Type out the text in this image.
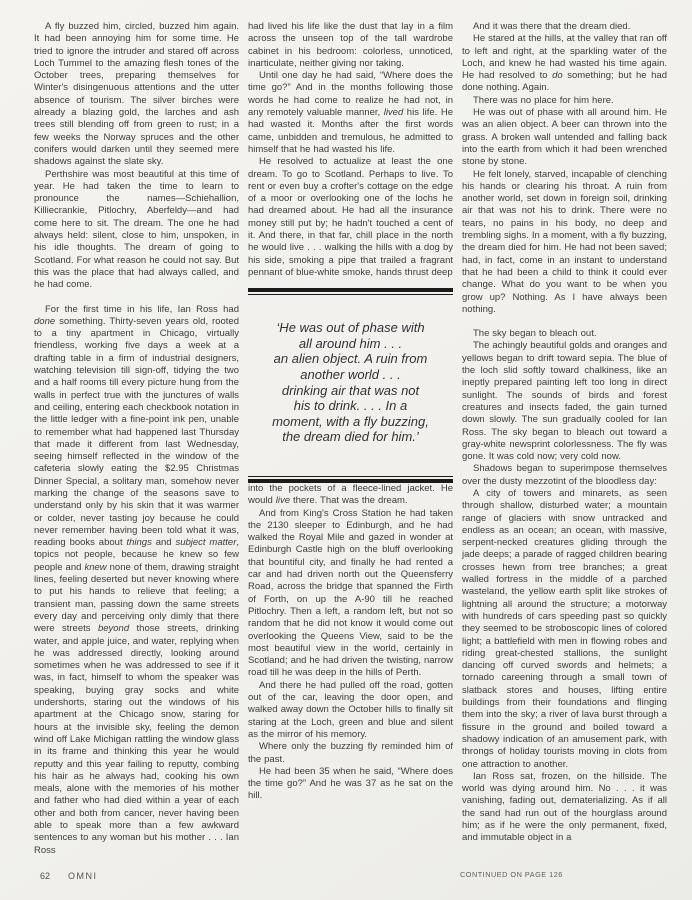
A fly buzzed him, circled, buzzed him again. It had been annoying him for some time. He tried to ignore the intruder and stared off across Loch Tummel to the amazing flesh tones of the October trees, preparing themselves for Winter's disingenuous attentions and the utter absence of tourism. The silver birches were already a blazing gold, the larches and ash trees still blending off from green to rust; in a few weeks the Norway spruces and the other conifers would darken until they seemed mere shadows against the slate sky.

Perthshire was most beautiful at this time of year. He had taken the time to learn to pronounce the names—Schiehallion, Killiecrankie, Pitlochry, Aberfeldy—and had come here to sit. The dream. The one he had always held: silent, close to him, unspoken, in his idle thoughts. The dream of going to Scotland. For what reason he could not say. But this was the place that had always called, and he had come.

For the first time in his life, Ian Ross had done something. Thirty-seven years old, rooted to a tiny apartment in Chicago, virtually friendless, working five days a week at a drafting table in a firm of industrial designers, watching television till sign-off, tidying the two and a half rooms till every picture hung from the walls in perfect true with the junctures of walls and ceiling, entering each checkbook notation in the little ledger with a fine-point ink pen, unable to remember what had happened last Thursday that made it different from last Wednesday, seeing himself reflected in the window of the cafeteria slowly eating the $2.95 Christmas Dinner Special, a solitary man, somehow never marking the change of the seasons save to understand only by his skin that it was warmer or colder, never tasting joy because he could never remember having been told what it was, reading books about things and subject matter, topics not people, because he knew so few people and knew none of them, drawing straight lines, feeling deserted but never knowing where to put his hands to relieve that feeling; a transient man, passing down the same streets every day and perceiving only dimly that there were streets beyond those streets, drinking water, and apple juice, and water, replying when he was addressed directly, looking around sometimes when he was addressed to see if it was, in fact, himself to whom the speaker was speaking, buying gray socks and white undershorts, staring out the windows of his apartment at the Chicago snow, staring for hours at the invisible sky, feeling the demon wind off Lake Michigan rattling the window glass in its frame and thinking this year he would reputty and this year failing to reputty, combing his hair as he always had, cooking his own meals, alone with the memories of his mother and father who had died within a year of each other and both from cancer, never having been able to speak more than a few awkward sentences to any woman but his mother . . . Ian Ross

had lived his life like the dust that lay in a film across the unseen top of the tall wardrobe cabinet in his bedroom: colorless, unnoticed, inarticulate, neither giving nor taking.

Until one day he had said, “Where does the time go?” And in the months following those words he had come to realize he had not, in any remotely valuable manner, lived his life. He had wasted it. Months after the first words came, unbidden and tremulous, he admitted to himself that he had wasted his life.

He resolved to actualize at least the one dream. To go to Scotland. Perhaps to live. To rent or even buy a crofter's cottage on the edge of a moor or overlooking one of the lochs he had dreamed about. He had all the insurance money still put by; he hadn't touched a cent of it. And there, in that far, chill place in the north he would live . . . walking the hills with a dog by his side, smoking a pipe that trailed a fragrant pennant of blue-white smoke, hands thrust deep

‘He was out of phase with
all around him . . .
an alien object. A ruin from
another world . . .
drinking air that was not
his to drink. . . . In a
moment, with a fly buzzing,
the dream died for him.’

into the pockets of a fleece-lined jacket. He would live there. That was the dream.

And from King's Cross Station he had taken the 2130 sleeper to Edinburgh, and he had walked the Royal Mile and gazed in wonder at Edinburgh Castle high on the bluff overlooking that bountiful city, and finally he had rented a car and had driven north out the Queensferry Road, across the bridge that spanned the Firth of Forth, on up the A-90 till he reached Pitlochry. Then a left, a random left, but not so random that he did not know it would come out overlooking the Queens View, said to be the most beautiful view in the world, certainly in Scotland; and he had driven the twisting, narrow road till he was deep in the hills of Perth.

And there he had pulled off the road, gotten out of the car, leaving the door open, and walked away down the October hills to finally sit staring at the Loch, green and blue and silent as the mirror of his memory.

Where only the buzzing fly reminded him of the past.

He had been 35 when he said, “Where does the time go?” And he was 37 as he sat on the hill.

And it was there that the dream died.

He stared at the hills, at the valley that ran off to left and right, at the sparkling water of the Loch, and knew he had wasted his time again. He had resolved to do something; but he had done nothing. Again.

There was no place for him here.

He was out of phase with all around him. He was an alien object. A beer can thrown into the grass. A broken wall untended and falling back into the earth from which it had been wrenched stone by stone.

He felt lonely, starved, incapable of clenching his hands or clearing his throat. A ruin from another world, set down in foreign soil, drinking air that was not his to drink. There were no tears, no pains in his body, no deep and trembling sighs. In a moment, with a fly buzzing, the dream died for him. He had not been saved; had, in fact, come in an instant to understand that he had been a child to think it could ever change. What do you want to be when you grow up? Nothing. As I have always been nothing.

The sky began to bleach out.

The achingly beautiful golds and oranges and yellows began to drift toward sepia. The blue of the loch slid softly toward chalkiness, like an ineptly prepared painting left too long in direct sunlight. The sounds of birds and forest creatures and insects faded, the gain turned down slowly. The sun gradually cooled for Ian Ross. The sky began to bleach out toward a gray-white newsprint colorlessness. The fly was gone. It was cold now; very cold now.

Shadows began to superimpose themselves over the dusty mezzotint of the bloodless day:

A city of towers and minarets, as seen through shallow, disturbed water; a mountain range of glaciers with snow untracked and endless as an ocean; an ocean, with massive, serpent-necked creatures gliding through the jade deeps; a parade of ragged children bearing crosses hewn from tree branches; a great walled fortress in the middle of a parched wasteland, the yellow earth split like strokes of lightning all around the structure; a motorway with hundreds of cars speeding past so quickly they seemed to be stroboscopic lines of colored light; a battlefield with men in flowing robes and riding great-chested stallions, the sunlight dancing off curved swords and helmets; a tornado careening through a small town of slatback stores and houses, lifting entire buildings from their foundations and flinging them into the sky; a river of lava burst through a fissure in the ground and boiled toward a shadowy indication of an amusement park, with throngs of holiday tourists moving in clots from one attraction to another.

Ian Ross sat, frozen, on the hillside. The world was dying around him. No . . . it was vanishing, fading out, dematerializing. As if all the sand had run out of the hourglass around him; as if he were the only permanent, fixed, and immutable object in a

62 OMNI	CONTINUED ON PAGE 126
